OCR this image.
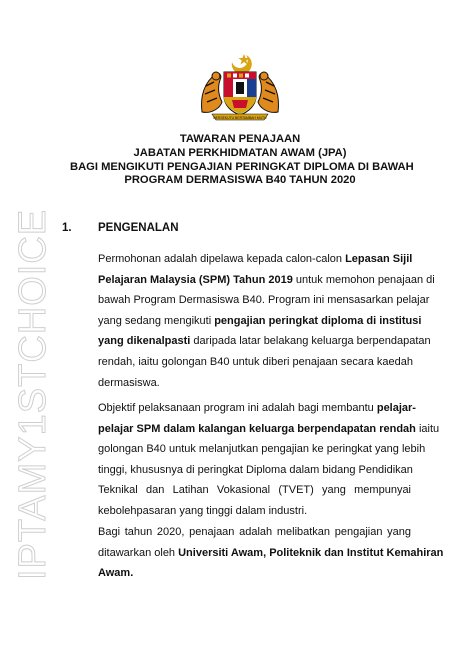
BERSEKUTU BERTAMBAH MUTU
IPTAMY1STCHOICE
TAWARAN PENAJAAN
JABATAN PERKHIDMATAN AWAM (JPA)
BAGI MENGIKUTI PENGAJIAN PERINGKAT DIPLOMA DI BAWAH
PROGRAM DERMASISWA B40 TAHUN 2020
1. PENGENALAN
Permohonan adalah dipelawa kepada calon-calon Lepasan Sijil
Pelajaran Malaysia (SPM) Tahun 2019 untuk memohon penajaan di
bawah Program Dermasiswa B40. Program ini mensasarkan pelajar
yang sedang mengikuti pengajian peringkat diploma di institusi
yang dikenalpasti daripada latar belakang keluarga berpendapatan
rendah, iaitu golongan B40 untuk diberi penajaan secara kaedah
dermasiswa.
Objektif pelaksanaan program ini adalah bagi membantu pelajar-
pelajar SPM dalam kalangan keluarga berpendapatan rendah iaitu
golongan B40 untuk melanjutkan pengajian ke peringkat yang lebih
tinggi, khususnya di peringkat Diploma dalam bidang Pendidikan
Teknikal dan Latihan Vokasional (TVET) yang mempunyai
kebolehpasaran yang tinggi dalam industri.
Bagi tahun 2020, penajaan adalah melibatkan pengajian yang
ditawarkan oleh Universiti Awam, Politeknik dan Institut Kemahiran
Awam.
